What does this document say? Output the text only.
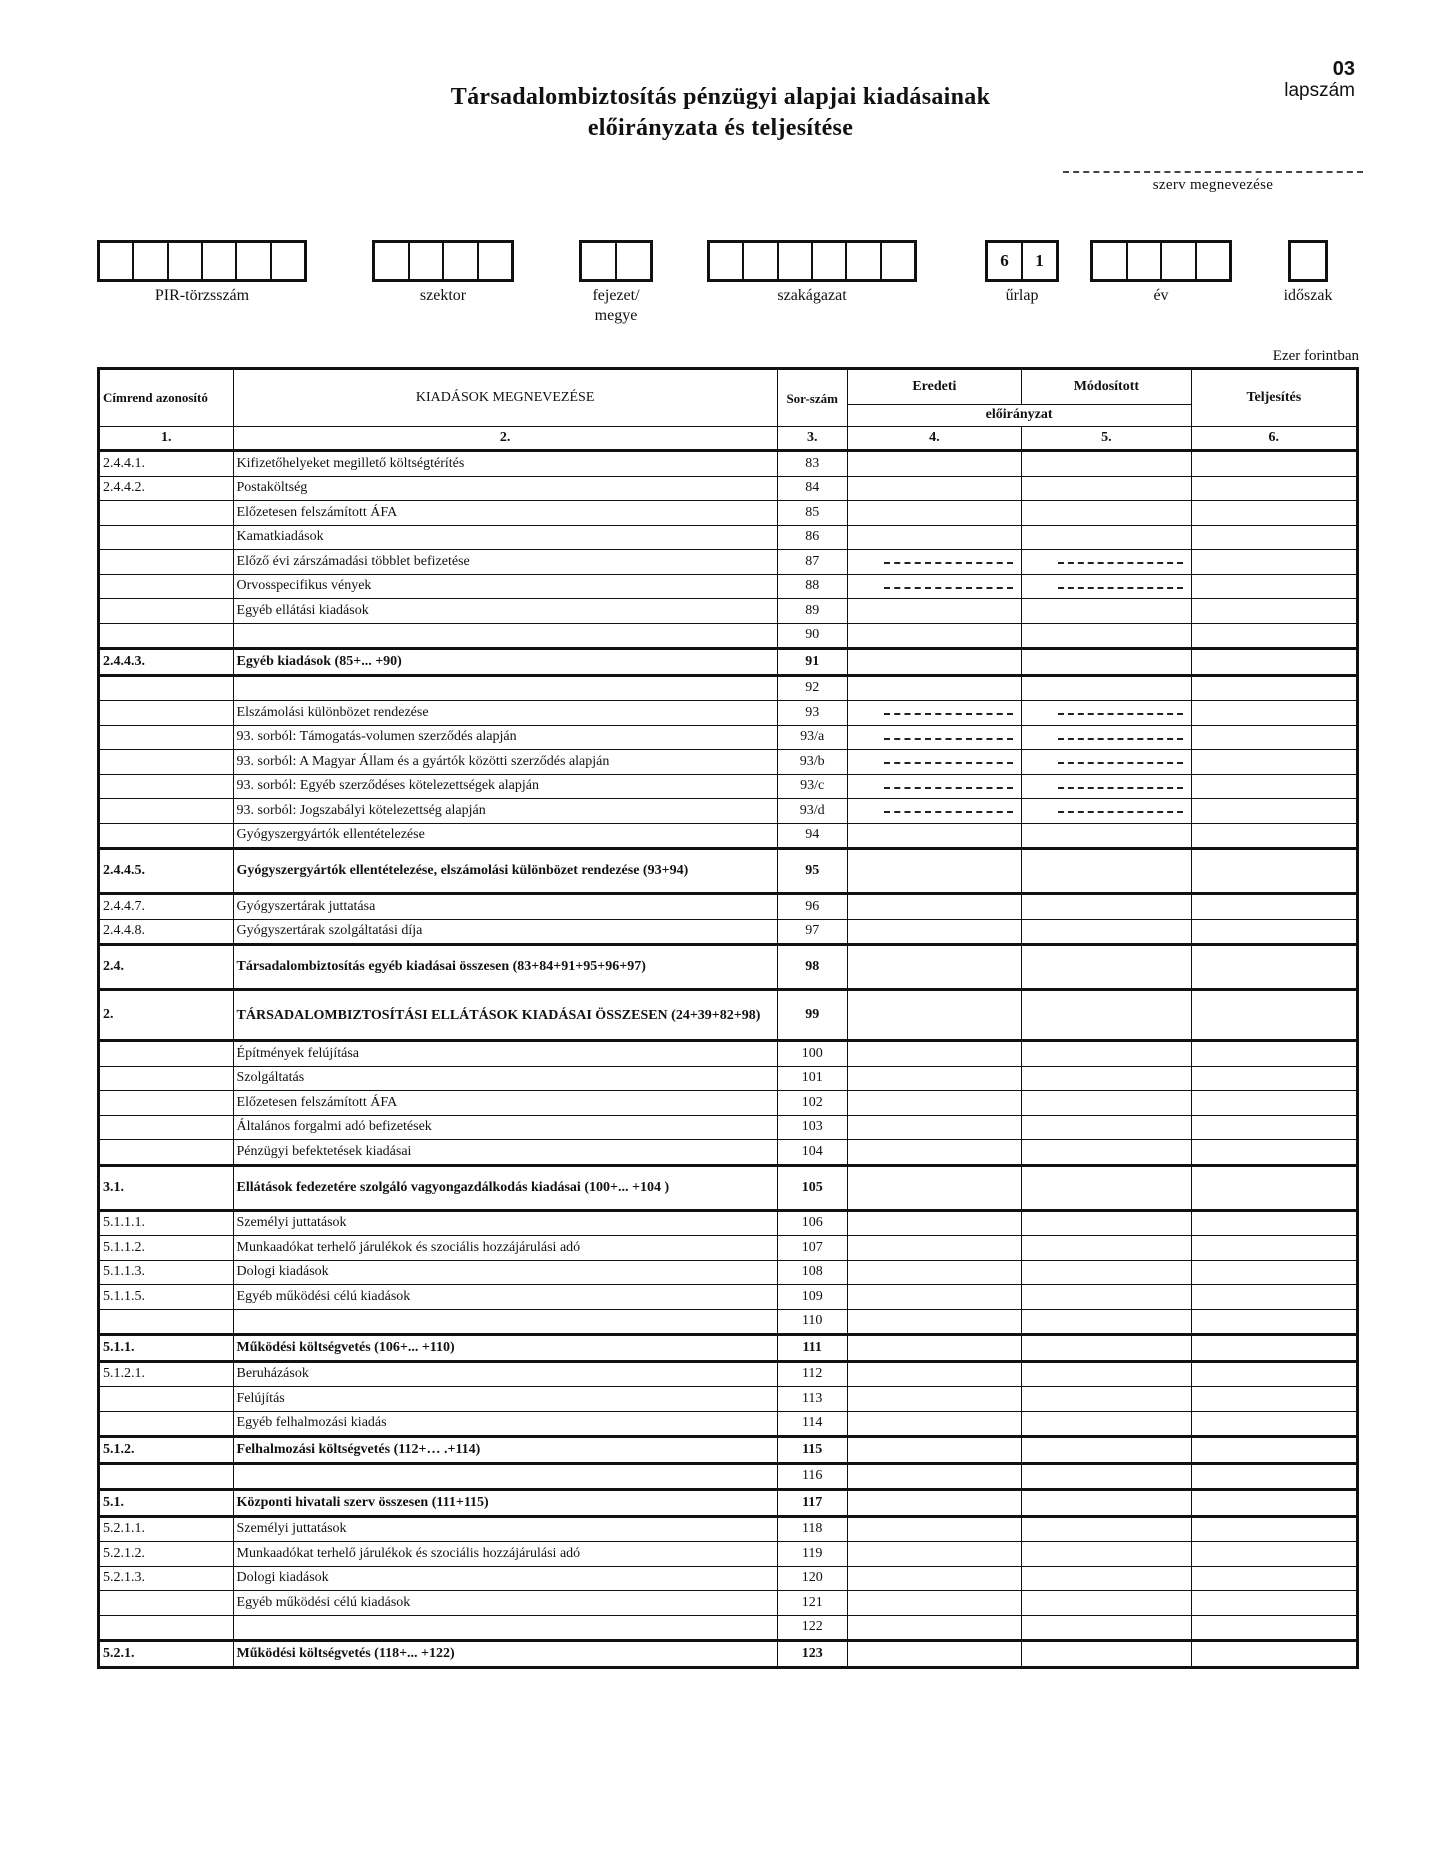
03
lapszám
Társadalombiztosítás pénzügyi alapjai kiadásainak
előirányzata és teljesítése
szerv megnevezése
PIR-törzsszám	szektor	fejezet/ megye
szakágazat
6	1
űrlap	év	időszak
Ezer forintban
Címrend azonosító	KIADÁSOK MEGNEVEZÉSE	Sor-szám	Eredeti	Módosított	Teljesítés
			előirányzat		
1.	2.	3.	4.	5.	6.
2.4.4.1.	Kifizetőhelyeket megillető költségtérítés	83			
2.4.4.2.	Postaköltség	84			
	Előzetesen felszámított ÁFA	85			
	Kamatkiadások	86			
	Előző évi zárszámadási többlet befizetése	87			
	Orvosspecifikus vények	88			
	Egyéb ellátási kiadások	89			
		90			
2.4.4.3.	Egyéb kiadások (85+... +90)	91			
		92			
	Elszámolási különbözet rendezése	93			
	93. sorból: Támogatás-volumen szerződés alapján	93/a			
	93. sorból: A Magyar Állam és a gyártók közötti szerződés alapján	93/b			
	93. sorból: Egyéb szerződéses kötelezettségek alapján	93/c			
	93. sorból: Jogszabályi kötelezettség alapján	93/d			
	Gyógyszergyártók ellentételezése	94			
2.4.4.5.	Gyógyszergyártók ellentételezése, elszámolási különbözet rendezése (93+94)	95			
2.4.4.7.	Gyógyszertárak juttatása	96			
2.4.4.8.	Gyógyszertárak szolgáltatási díja	97			
2.4.	Társadalombiztosítás egyéb kiadásai összesen (83+84+91+95+96+97)	98			
2.	TÁRSADALOMBIZTOSÍTÁSI ELLÁTÁSOK KIADÁSAI ÖSSZESEN (24+39+82+98)	99			
	Építmények felújítása	100			
	Szolgáltatás	101			
	Előzetesen felszámított ÁFA	102			
	Általános forgalmi adó befizetések	103			
	Pénzügyi befektetések kiadásai	104			
3.1.	Ellátások fedezetére szolgáló vagyongazdálkodás kiadásai (100+... +104 )	105			
5.1.1.1.	Személyi juttatások	106			
5.1.1.2.	Munkaadókat terhelő járulékok és szociális hozzájárulási adó	107			
5.1.1.3.	Dologi kiadások	108			
5.1.1.5.	Egyéb működési célú kiadások	109			
		110			
5.1.1.	Működési költségvetés (106+... +110)	111			
5.1.2.1.	Beruházások	112			
	Felújítás	113			
	Egyéb felhalmozási kiadás	114			
5.1.2.	Felhalmozási költségvetés (112+… .+114)	115			
		116			
5.1.	Központi hivatali szerv összesen (111+115)	117			
5.2.1.1.	Személyi juttatások	118			
5.2.1.2.	Munkaadókat terhelő járulékok és szociális hozzájárulási adó	119			
5.2.1.3.	Dologi kiadások	120			
	Egyéb működési célú kiadások	121			
		122			
5.2.1.	Működési költségvetés (118+... +122)	123			
